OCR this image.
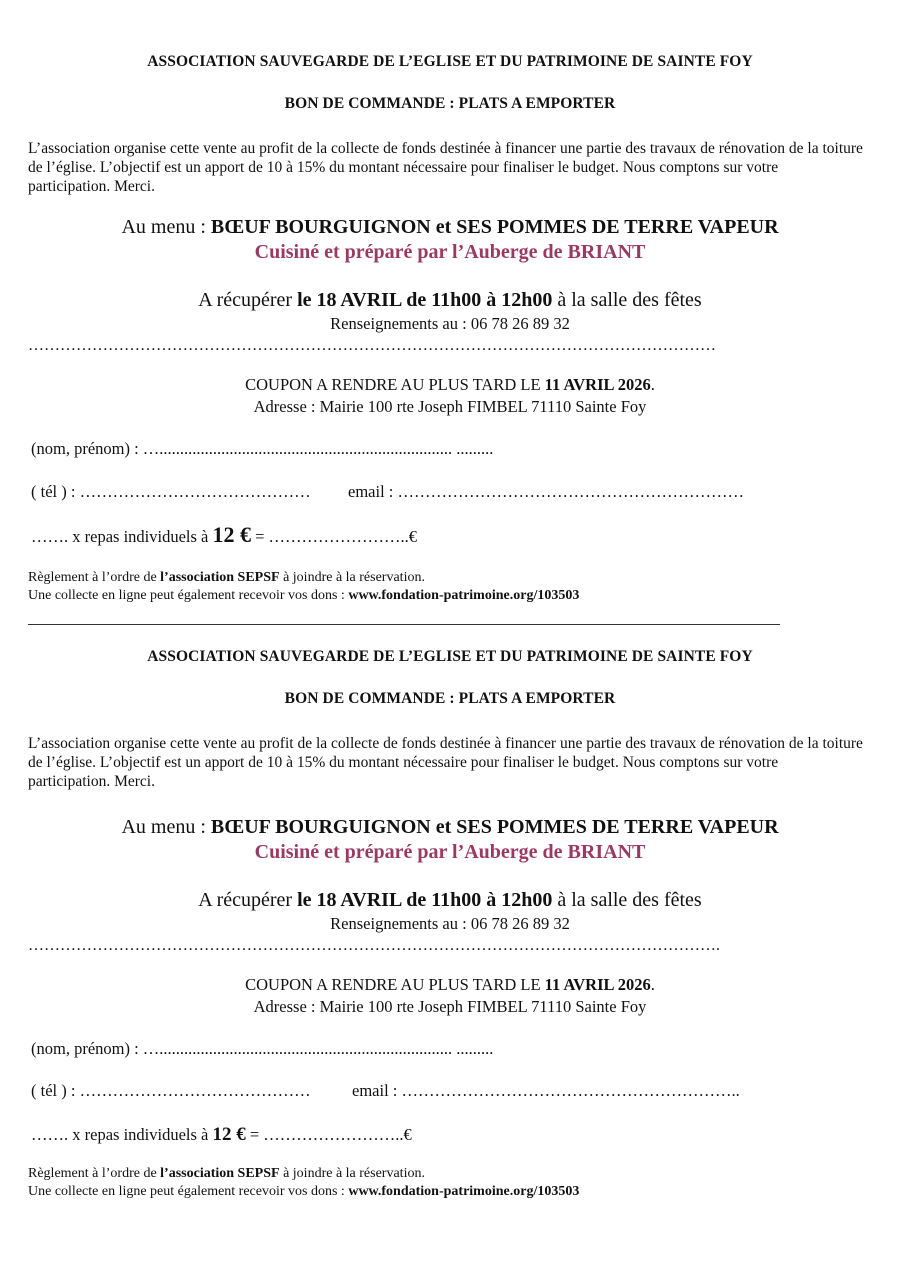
ASSOCIATION SAUVEGARDE DE L’EGLISE ET DU PATRIMOINE DE SAINTE FOY
BON DE COMMANDE : PLATS A EMPORTER
L’association organise cette vente au profit de la collecte de fonds destinée à financer une partie des travaux de rénovation de la toiture de l’église. L’objectif est un apport de 10 à 15% du montant nécessaire pour finaliser le budget. Nous comptons sur votre participation. Merci.
Au menu : BŒUF BOURGUIGNON et SES POMMES DE TERRE VAPEUR
Cuisiné et préparé par l’Auberge de BRIANT
A récupérer le 18 AVRIL de 11h00 à 12h00 à la salle des fêtes
Renseignements au : 06 78 26 89 32
…………………………………………………………………………………………………………………
COUPON A RENDRE AU PLUS TARD LE 11 AVRIL 2026.
Adresse : Mairie 100 rte Joseph FIMBEL 71110 Sainte Foy
(nom, prénom) : …....................................................................... .........
( tél ) : …………………………………… email : ………………………………………………………
……. x repas individuels à 12 € = ……………………..€
Règlement à l’ordre de l’association SEPSF à joindre à la réservation.
Une collecte en ligne peut également recevoir vos dons : www.fondation-patrimoine.org/103503
ASSOCIATION SAUVEGARDE DE L’EGLISE ET DU PATRIMOINE DE SAINTE FOY
BON DE COMMANDE : PLATS A EMPORTER
L’association organise cette vente au profit de la collecte de fonds destinée à financer une partie des travaux de rénovation de la toiture de l’église. L’objectif est un apport de 10 à 15% du montant nécessaire pour finaliser le budget. Nous comptons sur votre participation. Merci.
Au menu : BŒUF BOURGUIGNON et SES POMMES DE TERRE VAPEUR
Cuisiné et préparé par l’Auberge de BRIANT
A récupérer le 18 AVRIL de 11h00 à 12h00 à la salle des fêtes
Renseignements au : 06 78 26 89 32
………………………………………………………………………………………………………………….
COUPON A RENDRE AU PLUS TARD LE 11 AVRIL 2026.
Adresse : Mairie 100 rte Joseph FIMBEL 71110 Sainte Foy
(nom, prénom) : …....................................................................... .........
( tél ) : ……………………………………	email : ……………………………………………………..
……. x repas individuels à 12 € = ……………………..€
Règlement à l’ordre de l’association SEPSF à joindre à la réservation.
Une collecte en ligne peut également recevoir vos dons : www.fondation-patrimoine.org/103503
